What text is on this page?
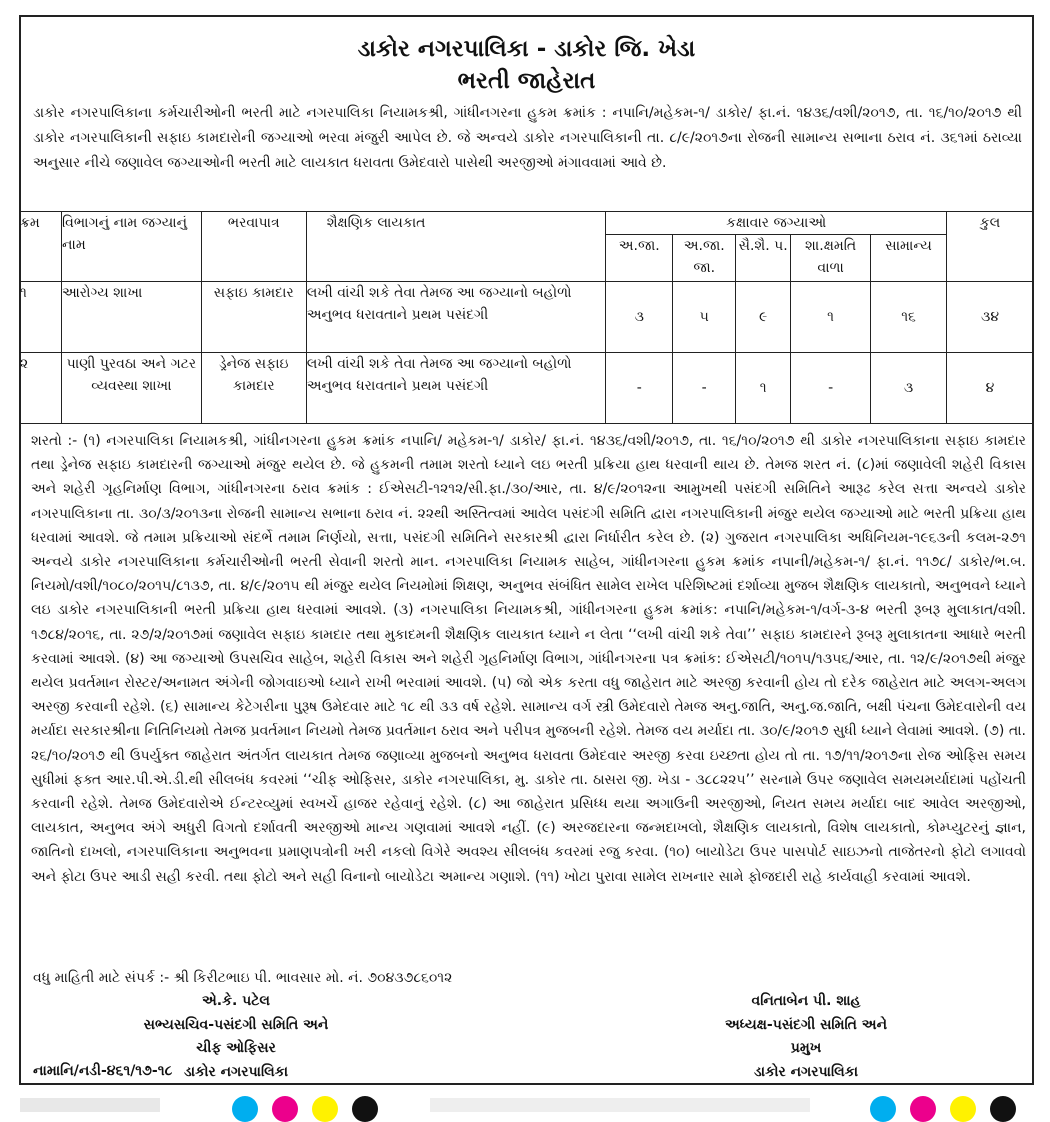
ડાકોર નગરપાલિકા - ડાકોર જિ. ખેડા
ભરતી જાહેરાત
ડાકોર નગરપાલિકાના કર્મચારીઓની ભરતી માટે નગરપાલિકા નિયામકશ્રી, ગાંધીનગરના હુકમ ક્રમાંક : નપાનિ/મહેકમ-૧/ ડાકોર/ ફા.નં. ૧૪૩૬/વશી/૨૦૧૭, તા. ૧૬/૧૦/૨૦૧૭ થી ડાકોર નગરપાલિકાની સફાઇ કામદારોની જગ્યાઓ ભરવા મંજુરી આપેલ છે. જે અન્વયે ડાકોર નગરપાલિકાની તા. ૮/૯/૨૦૧૭ના રોજની સામાન્ય સભાના ઠરાવ નં. ૩૬૧માં ઠરાવ્યા અનુસાર નીચે જણાવેલ જગ્યાઓની ભરતી માટે લાયકાત ધરાવતા ઉમેદવારો પાસેથી અરજીઓ મંગાવવામાં આવે છે.
ક્રમ	વિભાગનું નામ જગ્યાનું નામ	ભરવાપાત્ર	શૈક્ષણિક લાયકાત	કક્ષાવાર જગ્યાઓ					કુલ
				અ.જા.	અ.જા. જા.	સૈ.શૈ. પ.	શા.ક્ષમતિ વાળા	સામાન્ય	
૧	આરોગ્ય શાખા	સફાઇ કામદાર	લખી વાંચી શકે તેવા તેમજ આ જગ્યાનો બહોળો અનુભવ ધરાવતાને પ્રથમ પસંદગી	૩	૫	૯	૧	૧૬	૩૪
૨	પાણી પુરવઠા અને ગટર વ્યવસ્થા શાખા	ડ્રેનેજ સફાઇ કામદાર	લખી વાંચી શકે તેવા તેમજ આ જગ્યાનો બહોળો અનુભવ ધરાવતાને પ્રથમ પસંદગી	-	-	૧	-	૩	૪
શરતો :- (૧) નગરપાલિકા નિયામકશ્રી, ગાંધીનગરના હુકમ ક્રમાંક નપાનિ/ મહેકમ-૧/ ડાકોર/ ફા.નં. ૧૪૩૬/વશી/૨૦૧૭, તા. ૧૬/૧૦/૨૦૧૭ થી ડાકોર નગરપાલિકાના સફાઇ કામદાર તથા ડ્રેનેજ સફાઇ કામદારની જગ્યાઓ મંજુર થયેલ છે. જે હુકમની તમામ શરતો ધ્યાને લઇ ભરતી પ્રક્રિયા હાથ ધરવાની થાય છે. તેમજ શરત નં. (૮)માં જણાવેલી શહેરી વિકાસ અને શહેરી ગૃહનિર્માણ વિભાગ, ગાંધીનગરના ઠરાવ ક્રમાંક : ઈએસટી-૧૨૧૨/સી.ફા./૩૦/આર, તા. ૪/૯/૨૦૧૨ના આમુખથી પસંદગી સમિતિને આરૂઢ કરેલ સત્તા અન્વયે ડાકોર નગરપાલિકાના તા. ૩૦/૩/૨૦૧૩ના રોજની સામાન્ય સભાના ઠરાવ નં. ૨૨થી અસ્તિત્વમાં આવેલ પસંદગી સમિતિ દ્વારા નગરપાલિકાની મંજુર થયેલ જગ્યાઓ માટે ભરતી પ્રક્રિયા હાથ ધરવામાં આવશે. જે તમામ પ્રક્રિયાઓ સંદર્ભે તમામ નિર્ણયો, સત્તા, પસંદગી સમિતિને સરકારશ્રી દ્વારા નિર્ધારીત કરેલ છે. (૨) ગુજરાત નગરપાલિકા અધિનિયમ-૧૯૬૩ની કલમ-૨૭૧ અન્વયે ડાકોર નગરપાલિકાના કર્મચારીઓની ભરતી સેવાની શરતો માન. નગરપાલિકા નિયામક સાહેબ, ગાંધીનગરના હુકમ ક્રમાંક નપાની/મહેકમ-૧/ ફા.નં. ૧૧૭૮/ ડાકોર/ભ.બ. નિયમો/વશી/૧૦૮૦/૨૦૧૫/૮૧૩૭, તા. ૪/૯/૨૦૧૫ થી મંજુર થયેલ નિયમોમાં શિક્ષણ, અનુભવ સંબંધિત સામેલ રાખેલ પરિશિષ્ટમાં દર્શાવ્યા મુજબ શૈક્ષણિક લાયકાતો, અનુભવને ધ્યાને લઇ ડાકોર નગરપાલિકાની ભરતી પ્રક્રિયા હાથ ધરવામાં આવશે. (૩) નગરપાલિકા નિયામકશ્રી, ગાંધીનગરના હુકમ ક્રમાંક: નપાનિ/મહેકમ-૧/વર્ગ-૩-૪ ભરતી રૂબરૂ મુલાકાત/વશી. ૧૭૮૪/૨૦૧૬, તા. ૨૭/૨/૨૦૧૭માં જણાવેલ સફાઇ કામદાર તથા મુકાદમની શૈક્ષણિક લાયકાત ધ્યાને ન લેતા ‘‘લખી વાંચી શકે તેવા’’ સફાઇ કામદારને રૂબરૂ મુલાકાતના આધારે ભરતી કરવામાં આવશે. (૪) આ જગ્યાઓ ઉપસચિવ સાહેબ, શહેરી વિકાસ અને શહેરી ગૃહનિર્માણ વિભાગ, ગાંધીનગરના પત્ર ક્રમાંક: ઈએસટી/૧૦૧૫/૧૩૫૬/આર, તા. ૧૨/૯/૨૦૧૭થી મંજુર થયેલ પ્રવર્તમાન રોસ્ટર/અનામત અંગેની જોગવાઇઓ ધ્યાને રાખી ભરવામાં આવશે. (૫) જો એક કરતા વધુ જાહેરાત માટે અરજી કરવાની હોય તો દરેક જાહેરાત માટે અલગ-અલગ અરજી કરવાની રહેશે. (૬) સામાન્ય કેટેગરીના પુરૂષ ઉમેદવાર માટે ૧૮ થી ૩૩ વર્ષ રહેશે. સામાન્ય વર્ગ સ્ત્રી ઉમેદવારો તેમજ અનુ.જાતિ, અનુ.જ.જાતિ, બક્ષી પંચના ઉમેદવારોની વય મર્યાદા સરકારશ્રીના નિતિનિયમો તેમજ પ્રવર્તમાન નિયમો તેમજ પ્રવર્તમાન ઠરાવ અને પરીપત્ર મુજબની રહેશે. તેમજ વય મર્યાદા તા. ૩૦/૯/૨૦૧૭ સુધી ધ્યાને લેવામાં આવશે. (૭) તા. ૨૬/૧૦/૨૦૧૭ થી ઉપર્યુક્ત જાહેરાત અંતર્ગત લાયકાત તેમજ જણાવ્યા મુજબનો અનુભવ ધરાવતા ઉમેદવાર અરજી કરવા ઇચ્છતા હોય તો તા. ૧૭/૧૧/૨૦૧૭ના રોજ ઓફિસ સમય સુધીમાં ફક્ત આર.પી.એ.ડી.થી સીલબંધ કવરમાં ‘‘ચીફ ઓફિસર, ડાકોર નગરપાલિકા, મુ. ડાકોર તા. ઠાસરા જી. ખેડા - ૩૮૮૨૨૫’’ સરનામે ઉપર જણાવેલ સમયમર્યાદામાં પહોંચતી કરવાની રહેશે. તેમજ ઉમેદવારોએ ઈન્ટરવ્યુમાં સ્વખર્ચે હાજર રહેવાનું રહેશે. (૮) આ જાહેરાત પ્રસિધ્ધ થયા અગાઉની અરજીઓ, નિયત સમય મર્યાદા બાદ આવેલ અરજીઓ, લાયકાત, અનુભવ અંગે અધુરી વિગતો દર્શાવતી અરજીઓ માન્ય ગણવામાં આવશે નહીં. (૯) અરજદારના જન્મદાખલો, શૈક્ષણિક લાયકાતો, વિશેષ લાયકાતો, કોમ્પ્યુટરનું જ્ઞાન, જાતિનો દાખલો, નગરપાલિકાના અનુભવના પ્રમાણપત્રોની ખરી નકલો વિગેરે અવશ્ય સીલબંધ કવરમાં રજુ કરવા. (૧૦) બાયોડેટા ઉપર પાસપોર્ટ સાઇઝનો તાજેતરનો ફોટો લગાવવો અને ફોટા ઉપર આડી સહી કરવી. તથા ફોટો અને સહી વિનાનો બાયોડેટા અમાન્ય ગણાશે. (૧૧) ખોટા પુરાવા સામેલ રાખનાર સામે ફોજદારી રાહે કાર્યવાહી કરવામાં આવશે.
વધુ માહિતી માટે સંપર્ક :- શ્રી કિરીટભાઇ પી. ભાવસાર મો. નં. ૭૦૪૩૭૮૬૦૧૨
એ.કે. પટેલ
સભ્યસચિવ-પસંદગી સમિતિ અને
ચીફ ઓફિસર
ડાકોર નગરપાલિકા
વનિતાબેન પી. શાહ
અધ્યક્ષ-પસંદગી સમિતિ અને
પ્રમુખ
ડાકોર નગરપાલિકા
નામાનિ/નડી-૪૬૧/૧૭-૧૮
